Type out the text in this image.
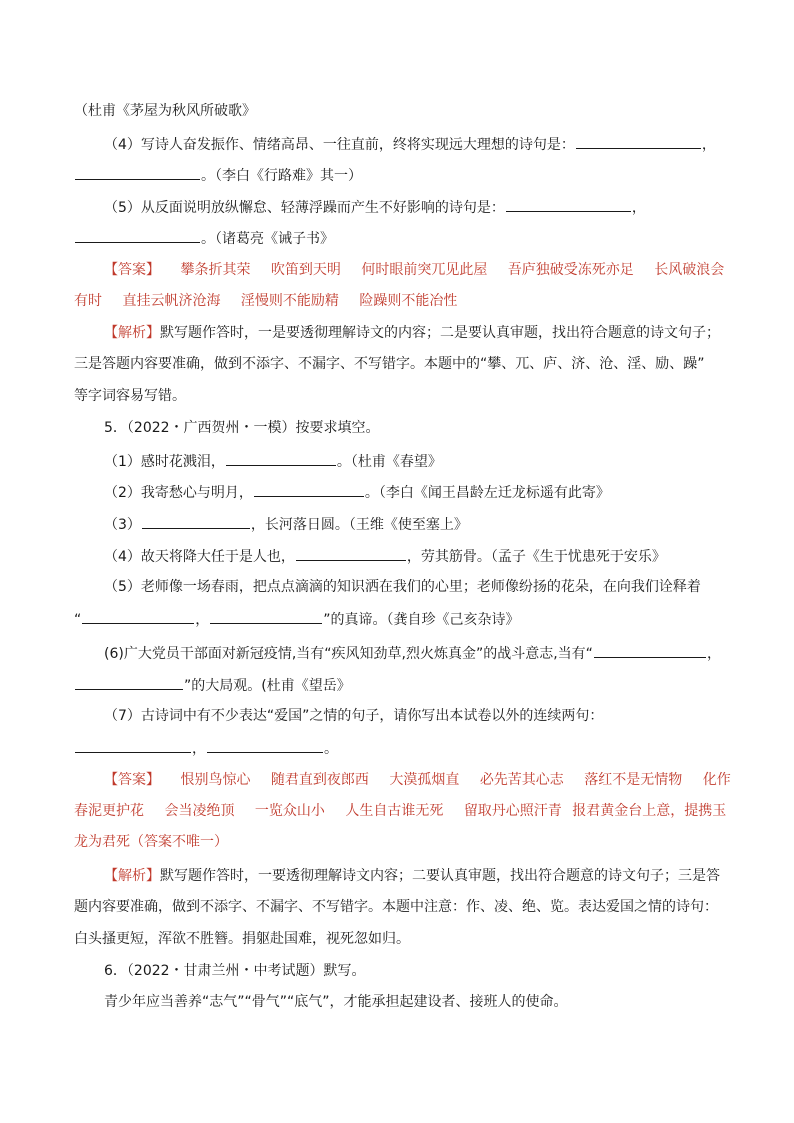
（杜甫《茅屋为秋风所破歌》
（4）写诗人奋发振作、情绪高昂、一往直前，终将实现远大理想的诗句是：	，
。（李白《行路难》其一）
（5）从反面说明放纵懈怠、轻薄浮躁而产生不好影响的诗句是：	，
。（诸葛亮《诫子书》
【答案】 攀条折其荣 吹笛到天明 何时眼前突兀见此屋 吾庐独破受冻死亦足 长风破浪会
有时 直挂云帆济沧海 淫慢则不能励精 险躁则不能冶性
【解析】默写题作答时，一是要透彻理解诗文的内容；二是要认真审题，找出符合题意的诗文句子；
三是答题内容要准确，做到不添字、不漏字、不写错字。本题中的“攀、兀、庐、济、沧、淫、励、躁”
等字词容易写错。
5．（2022・广西贺州・一模）按要求填空。
（1）感时花溅泪，	。（杜甫《春望》
（2）我寄愁心与明月，	。（李白《闻王昌龄左迁龙标遥有此寄》
（3）	，长河落日圆。（王维《使至塞上》
（4）故天将降大任于是人也，	，劳其筋骨。（孟子《生于忧患死于安乐》
（5）老师像一场春雨，把点点滴滴的知识洒在我们的心里；老师像纷扬的花朵，在向我们诠释着
“	，	”的真谛。（龚自珍《己亥杂诗》
(6)广大党员干部面对新冠疫情,当有“疾风知劲草,烈火炼真金”的战斗意志,当有“	，
”的大局观。(杜甫《望岳》
（7）古诗词中有不少表达“爱国”之情的句子，请你写出本试卷以外的连续两句：
，	。
【答案】 恨别鸟惊心 随君直到夜郎西 大漠孤烟直 必先苦其心志 落红不是无情物 化作
春泥更护花 会当凌绝顶 一览众山小 人生自古谁无死 留取丹心照汗青 报君黄金台上意，提携玉
龙为君死（答案不唯一）
【解析】默写题作答时，一要透彻理解诗文内容；二要认真审题，找出符合题意的诗文句子；三是答
题内容要准确，做到不添字、不漏字、不写错字。本题中注意：作、凌、绝、览。表达爱国之情的诗句：
白头搔更短，浑欲不胜簪。捐躯赴国难，视死忽如归。
6．（2022・甘肃兰州・中考试题）默写。
青少年应当善养“志气”“骨气”“底气”，才能承担起建设者、接班人的使命。
